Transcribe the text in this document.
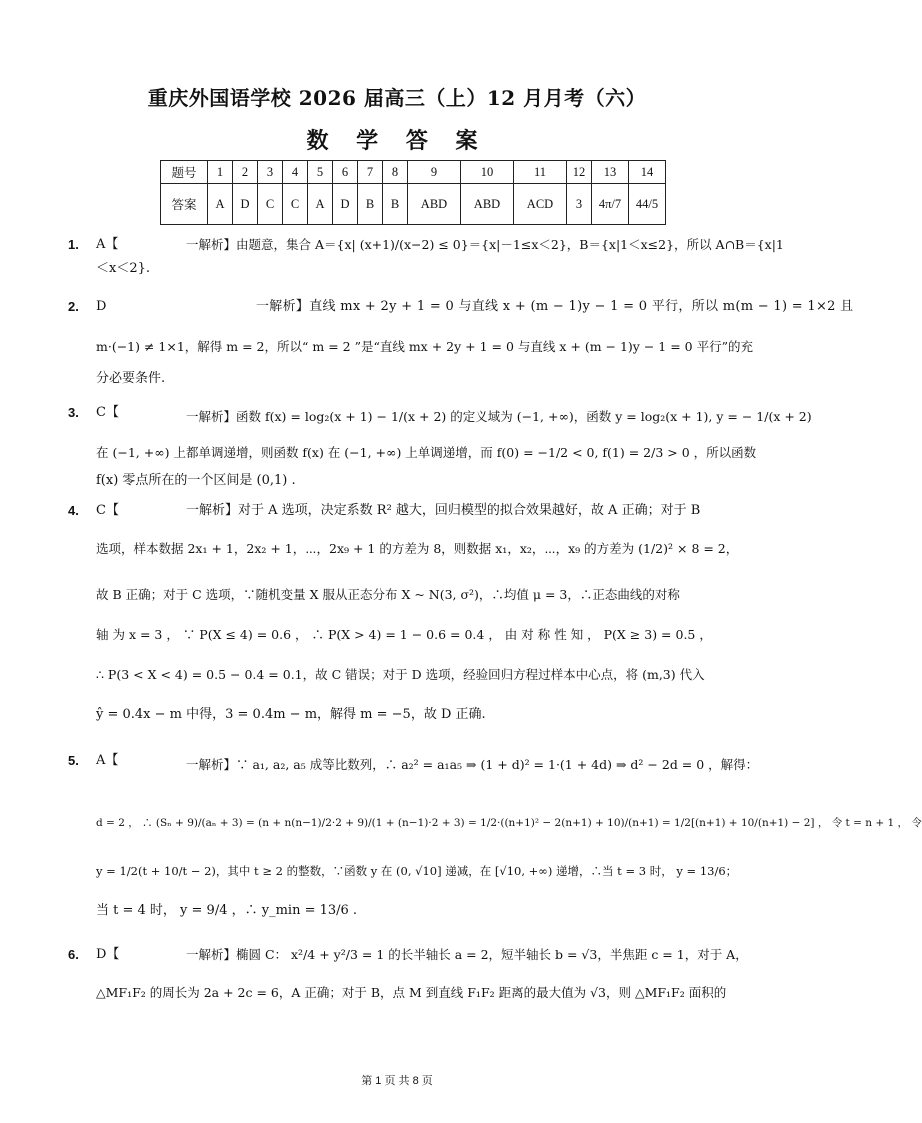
重庆外国语学校 2026 届高三（上）12 月月考（六）
数 学 答 案
题号	1	2	3	4	5	6	7	8	9	10	11	12	13	14
答案	A	D	C	C	A	D	B	B	ABD	ABD	ACD	3	4π/7	44/5
1. A【	一解析】由题意，集合 A＝{x| (x+1)/(x−2) ≤ 0}＝{x|－1≤x＜2}，B＝{x|1＜x≤2}，所以 A∩B＝{x|1
＜x＜2}.
2. D	一解析】直线 mx + 2y + 1 = 0 与直线 x + (m − 1)y − 1 = 0 平行，所以 m(m − 1) = 1×2 且
m·(−1) ≠ 1×1，解得 m = 2，所以“ m = 2 ”是“直线 mx + 2y + 1 = 0 与直线 x + (m − 1)y − 1 = 0 平行”的充
分必要条件.
3. C【	一解析】函数 f(x) = log₂(x + 1) − 1/(x + 2) 的定义域为 (−1, +∞)，函数 y = log₂(x + 1), y = − 1/(x + 2)
在 (−1, +∞) 上都单调递增，则函数 f(x) 在 (−1, +∞) 上单调递增，而 f(0) = −1/2 < 0, f(1) = 2/3 > 0 ，所以函数
f(x) 零点所在的一个区间是 (0,1) .
4. C【	一解析】对于 A 选项，决定系数 R² 越大，回归模型的拟合效果越好，故 A 正确；对于 B
选项，样本数据 2x₁ + 1，2x₂ + 1，⋯，2x₉ + 1 的方差为 8，则数据 x₁，x₂，⋯，x₉ 的方差为 (1/2)² × 8 = 2，
故 B 正确；对于 C 选项，∵随机变量 X 服从正态分布 X ~ N(3, σ²)，∴均值 μ = 3，∴正态曲线的对称
轴 为 x = 3 ， ∵ P(X ≤ 4) = 0.6 ， ∴ P(X > 4) = 1 − 0.6 = 0.4 ， 由 对 称 性 知 ， P(X ≥ 3) = 0.5 ，
∴ P(3 < X < 4) = 0.5 − 0.4 = 0.1，故 C 错误；对于 D 选项，经验回归方程过样本中心点，将 (m,3) 代入
ŷ = 0.4x − m 中得，3 = 0.4m − m，解得 m = −5，故 D 正确.
5. A【	一解析】∵ a₁, a₂, a₅ 成等比数列，∴ a₂² = a₁a₅ ⇒ (1 + d)² = 1·(1 + 4d) ⇒ d² − 2d = 0 ，解得：
d = 2 ， ∴ (Sₙ + 9)/(aₙ + 3) = (n + n(n−1)/2·2 + 9)/(1 + (n−1)·2 + 3) = 1/2·((n+1)² − 2(n+1) + 10)/(n+1) = 1/2[(n+1) + 10/(n+1) − 2] ， 令 t = n + 1 ， 令
y = 1/2(t + 10/t − 2)，其中 t ≥ 2 的整数，∵函数 y 在 (0, √10] 递减，在 [√10, +∞) 递增，∴当 t = 3 时， y = 13/6；
当 t = 4 时， y = 9/4 ，∴ y_min = 13/6 .
6. D【	一解析】椭圆 C： x²/4 + y²/3 = 1 的长半轴长 a = 2，短半轴长 b = √3，半焦距 c = 1，对于 A，
△MF₁F₂ 的周长为 2a + 2c = 6，A 正确；对于 B，点 M 到直线 F₁F₂ 距离的最大值为 √3，则 △MF₁F₂ 面积的
第 1 页 共 8 页
